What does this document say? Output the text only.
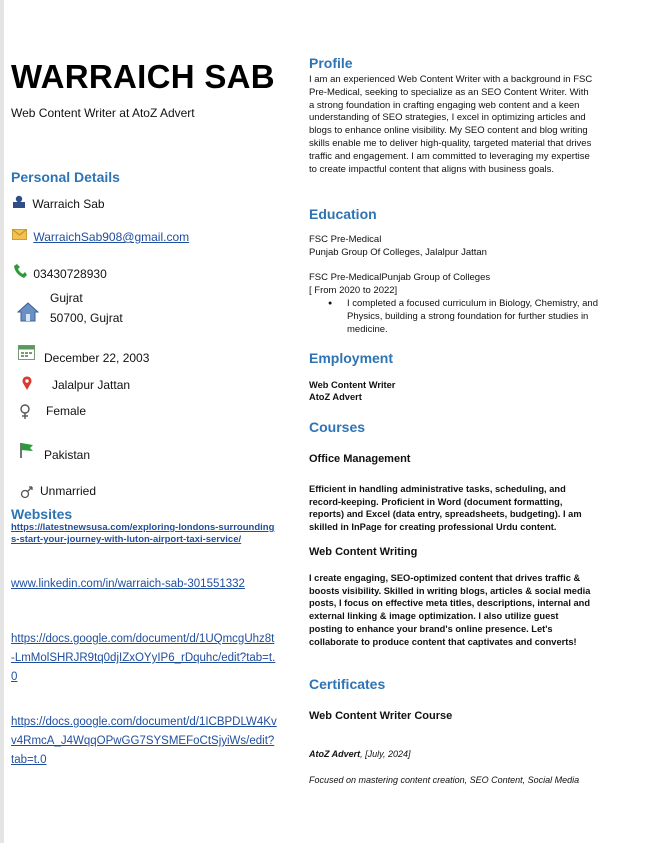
WARRAICH SAB
Web Content Writer at AtoZ Advert
Personal Details
Warraich Sab
WarraichSab908@gmail.com
03430728930
Gujrat
50700, Gujrat
December 22, 2003
Jalalpur Jattan
Female
Pakistan
Unmarried
Websites
https://latestnewsusa.com/exploring-londons-surroundings-start-your-journey-with-luton-airport-taxi-service/
www.linkedin.com/in/warraich-sab-301551332
https://docs.google.com/document/d/1UQmcgUhz8t-LmMolSHRJR9tq0djIZxOYyIP6_rDquhc/edit?tab=t.0
https://docs.google.com/document/d/1ICBPDLW4Kvv4RmcA_J4WqqOPwGG7SYSMEFoCtSjyiWs/edit?tab=t.0
Profile
I am an experienced Web Content Writer with a background in FSC Pre-Medical, seeking to specialize as an SEO Content Writer. With a strong foundation in crafting engaging web content and a keen understanding of SEO strategies, I excel in optimizing articles and blogs to enhance online visibility. My SEO content and blog writing skills enable me to deliver high-quality, targeted material that drives traffic and engagement. I am committed to leveraging my expertise to create impactful content that aligns with business goals.
Education
FSC Pre-Medical
Punjab Group Of Colleges, Jalalpur Jattan
FSC Pre-MedicalPunjab Group of Colleges
[ From 2020 to 2022]
● I completed a focused curriculum in Biology, Chemistry, and Physics, building a strong foundation for further studies in medicine.
Employment
Web Content Writer
AtoZ Advert
Courses
Office Management
Efficient in handling administrative tasks, scheduling, and record-keeping. Proficient in Word (document formatting, reports) and Excel (data entry, spreadsheets, budgeting). I am skilled in InPage for creating professional Urdu content.
Web Content Writing
I create engaging, SEO-optimized content that drives traffic & boosts visibility. Skilled in writing blogs, articles & social media posts, I focus on effective meta titles, descriptions, internal and external linking & image optimization. I also utilize guest posting to enhance your brand's online presence. Let's collaborate to produce content that captivates and converts!
Certificates
Web Content Writer Course
AtoZ Advert, [July, 2024]
Focused on mastering content creation, SEO Content, Social Media
